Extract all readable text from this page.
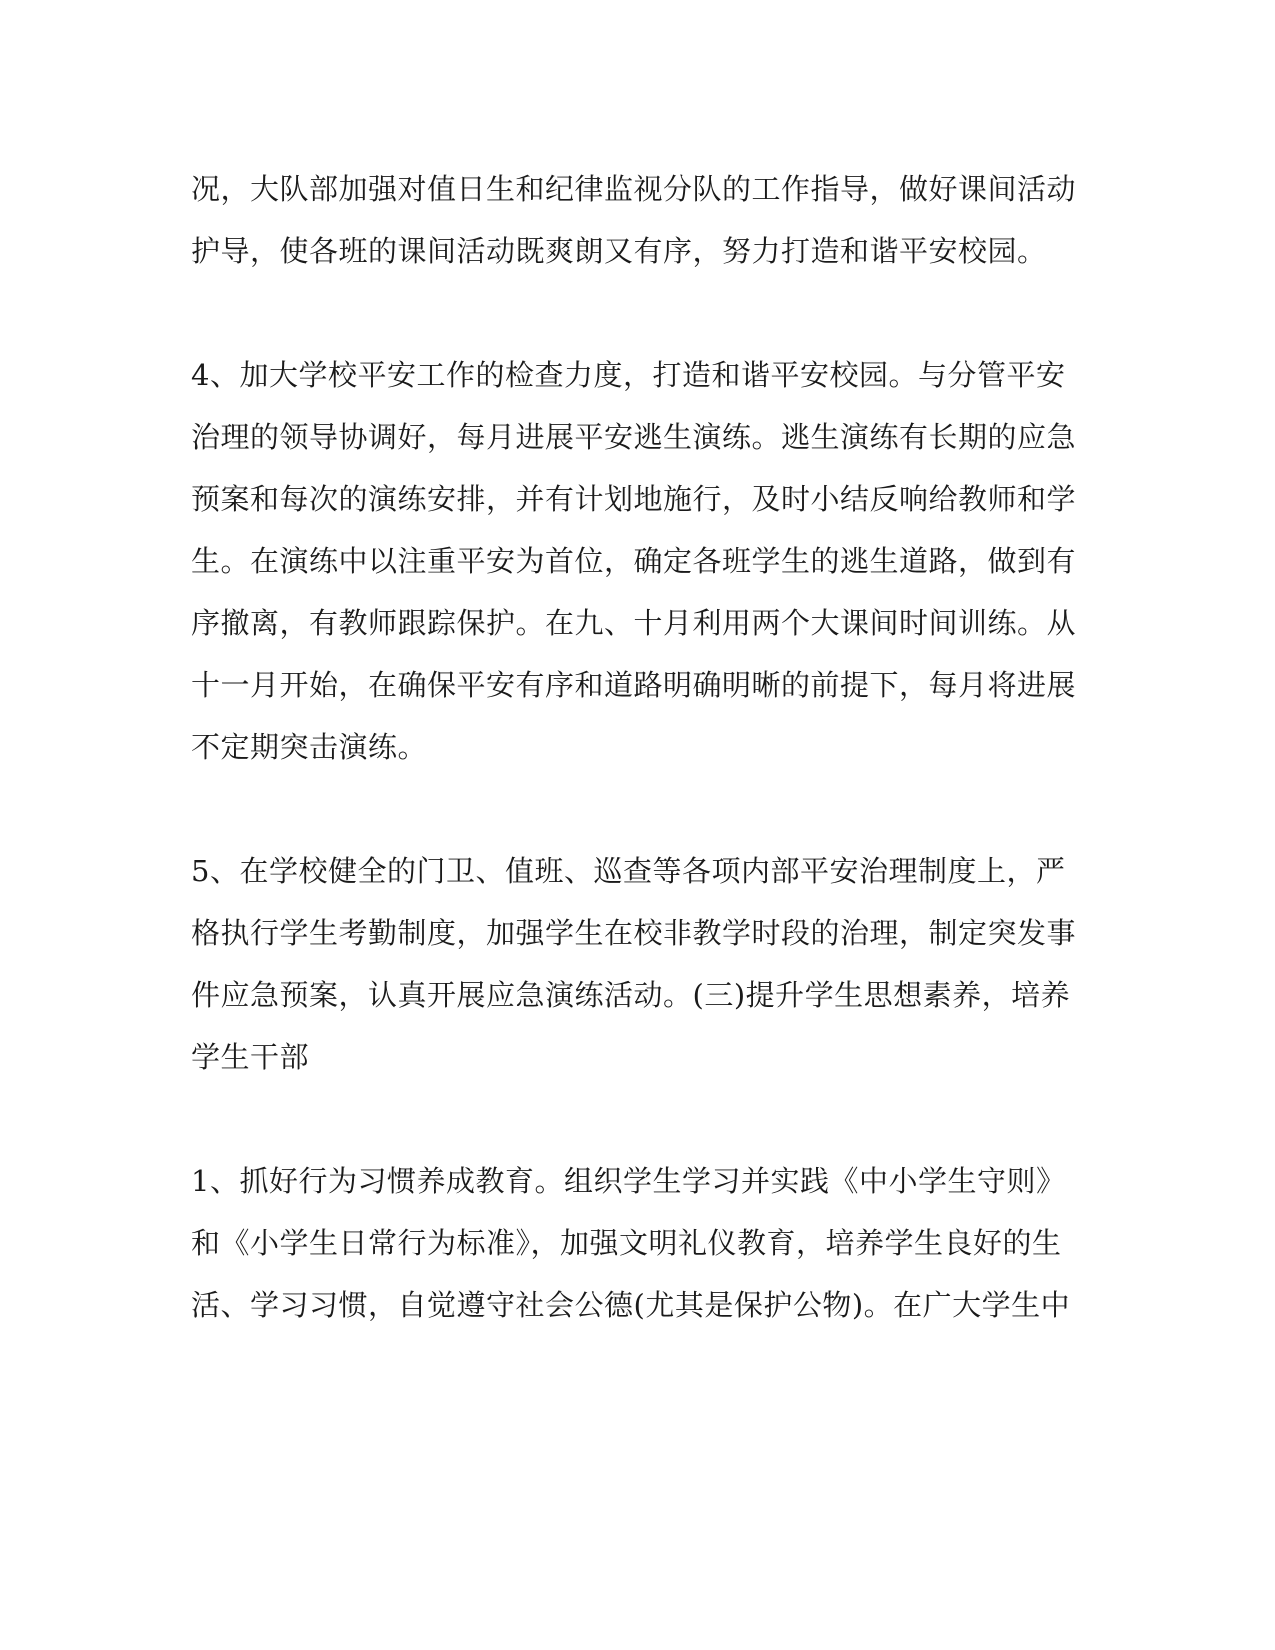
况，大队部加强对值日生和纪律监视分队的工作指导，做好课间活动
护导，使各班的课间活动既爽朗又有序，努力打造和谐平安校园。
4、加大学校平安工作的检查力度，打造和谐平安校园。与分管平安
治理的领导协调好，每月进展平安逃生演练。逃生演练有长期的应急
预案和每次的演练安排，并有计划地施行，及时小结反响给教师和学
生。在演练中以注重平安为首位，确定各班学生的逃生道路，做到有
序撤离，有教师跟踪保护。在九、十月利用两个大课间时间训练。从
十一月开始，在确保平安有序和道路明确明晰的前提下，每月将进展
不定期突击演练。
5、在学校健全的门卫、值班、巡查等各项内部平安治理制度上，严
格执行学生考勤制度，加强学生在校非教学时段的治理，制定突发事
件应急预案，认真开展应急演练活动。(三)提升学生思想素养，培养
学生干部
1、抓好行为习惯养成教育。组织学生学习并实践《中小学生守则》
和《小学生日常行为标准》，加强文明礼仪教育，培养学生良好的生
活、学习习惯，自觉遵守社会公德(尤其是保护公物)。在广大学生中
